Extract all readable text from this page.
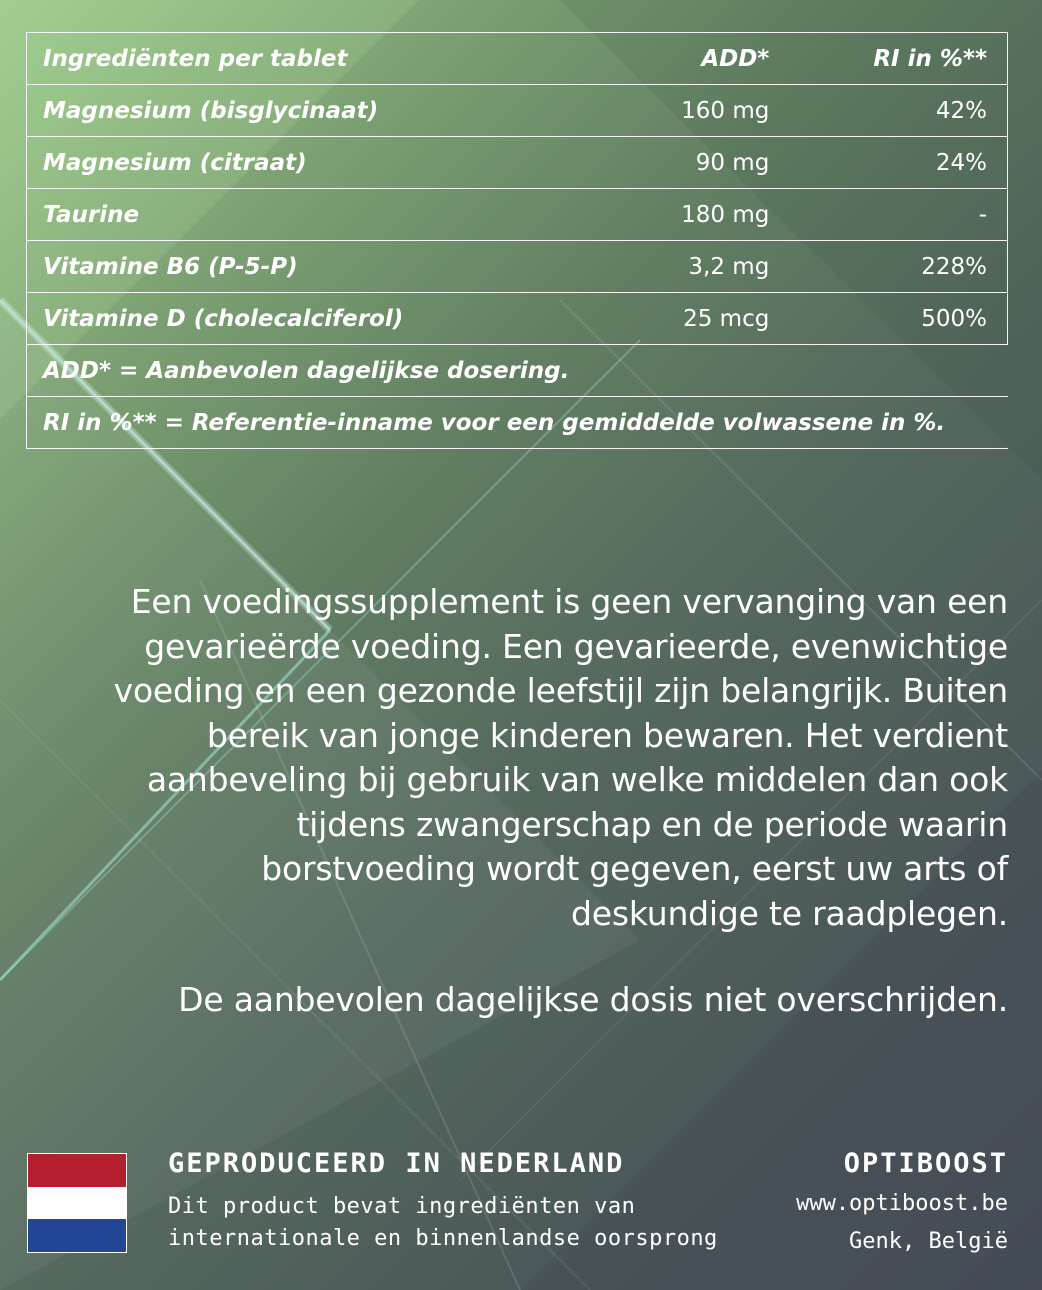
Ingrediënten per tablet	ADD*	RI in %**
Magnesium (bisglycinaat)	160 mg	42%
Magnesium (citraat)	90 mg	24%
Taurine	180 mg	-
Vitamine B6 (P-5-P)	3,2 mg	228%
Vitamine D (cholecalciferol)	25 mcg	500%
ADD* = Aanbevolen dagelijkse dosering.		
RI in %** = Referentie-inname voor een gemiddelde volwassene in %.		
Een voedingssupplement is geen vervanging van een
gevarieërde voeding. Een gevarieerde, evenwichtige
voeding en een gezonde leefstijl zijn belangrijk. Buiten
bereik van jonge kinderen bewaren. Het verdient
aanbeveling bij gebruik van welke middelen dan ook
tijdens zwangerschap en de periode waarin
borstvoeding wordt gegeven, eerst uw arts of
deskundige te raadplegen.
De aanbevolen dagelijkse dosis niet overschrijden.
GEPRODUCEERD IN NEDERLAND
Dit product bevat ingrediënten van
internationale en binnenlandse oorsprong
OPTIBOOST
www.optiboost.be
Genk, België
